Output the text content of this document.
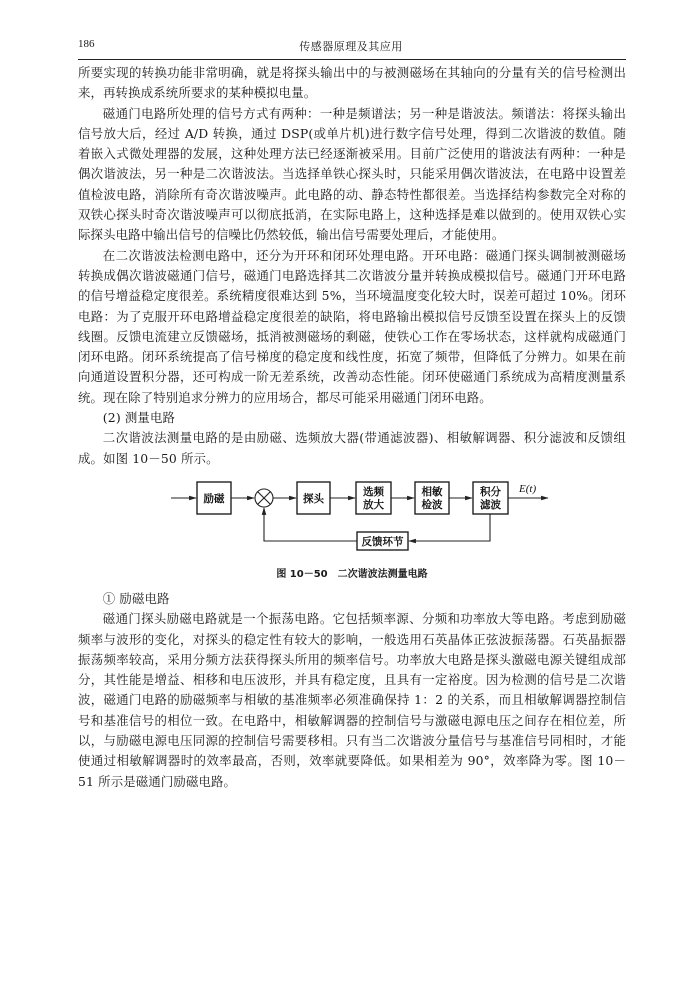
186	传感器原理及其应用

所要实现的转换功能非常明确，就是将探头输出中的与被测磁场在其轴向的分量有关的信号检测出来，再转换成系统所要求的某种模拟电量。

磁通门电路所处理的信号方式有两种：一种是频谱法；另一种是谐波法。频谱法：将探头输出信号放大后，经过 A/D 转换，通过 DSP(或单片机)进行数字信号处理，得到二次谐波的数值。随着嵌入式微处理器的发展，这种处理方法已经逐渐被采用。目前广泛使用的谐波法有两种：一种是偶次谐波法，另一种是二次谐波法。当选择单铁心探头时，只能采用偶次谐波法，在电路中设置差值检波电路，消除所有奇次谐波噪声。此电路的动、静态特性都很差。当选择结构参数完全对称的双铁心探头时奇次谐波噪声可以彻底抵消，在实际电路上，这种选择是难以做到的。使用双铁心实际探头电路中输出信号的信噪比仍然较低，输出信号需要处理后，才能使用。

在二次谐波法检测电路中，还分为开环和闭环处理电路。开环电路：磁通门探头调制被测磁场转换成偶次谐波磁通门信号，磁通门电路选择其二次谐波分量并转换成模拟信号。磁通门开环电路的信号增益稳定度很差。系统精度很难达到 5%，当环境温度变化较大时，误差可超过 10%。闭环电路：为了克服开环电路增益稳定度很差的缺陷，将电路输出模拟信号反馈至设置在探头上的反馈线圈。反馈电流建立反馈磁场，抵消被测磁场的剩磁，使铁心工作在零场状态，这样就构成磁通门闭环电路。闭环系统提高了信号梯度的稳定度和线性度，拓宽了频带，但降低了分辨力。如果在前向通道设置积分器，还可构成一阶无差系统，改善动态性能。闭环使磁通门系统成为高精度测量系统。现在除了特别追求分辨力的应用场合，都尽可能采用磁通门闭环电路。

(2) 测量电路

二次谐波法测量电路的是由励磁、选频放大器(带通滤波器)、相敏解调器、积分滤波和反馈组成。如图 10－50 所示。

励磁	探头
选频
放大
相敏
检波
积分
滤波
反馈环节
E(t)
图 10－50　二次谐波法测量电路

① 励磁电路

磁通门探头励磁电路就是一个振荡电路。它包括频率源、分频和功率放大等电路。考虑到励磁频率与波形的变化，对探头的稳定性有较大的影响，一般选用石英晶体正弦波振荡器。石英晶振器振荡频率较高，采用分频方法获得探头所用的频率信号。功率放大电路是探头激磁电源关键组成部分，其性能是增益、相移和电压波形，并具有稳定度，且具有一定裕度。因为检测的信号是二次谐波，磁通门电路的励磁频率与相敏的基准频率必须准确保持 1：2 的关系，而且相敏解调器控制信号和基准信号的相位一致。在电路中，相敏解调器的控制信号与激磁电源电压之间存在相位差，所以，与励磁电源电压同源的控制信号需要移相。只有当二次谐波分量信号与基准信号同相时，才能使通过相敏解调器时的效率最高，否则，效率就要降低。如果相差为 90°，效率降为零。图 10－51 所示是磁通门励磁电路。
